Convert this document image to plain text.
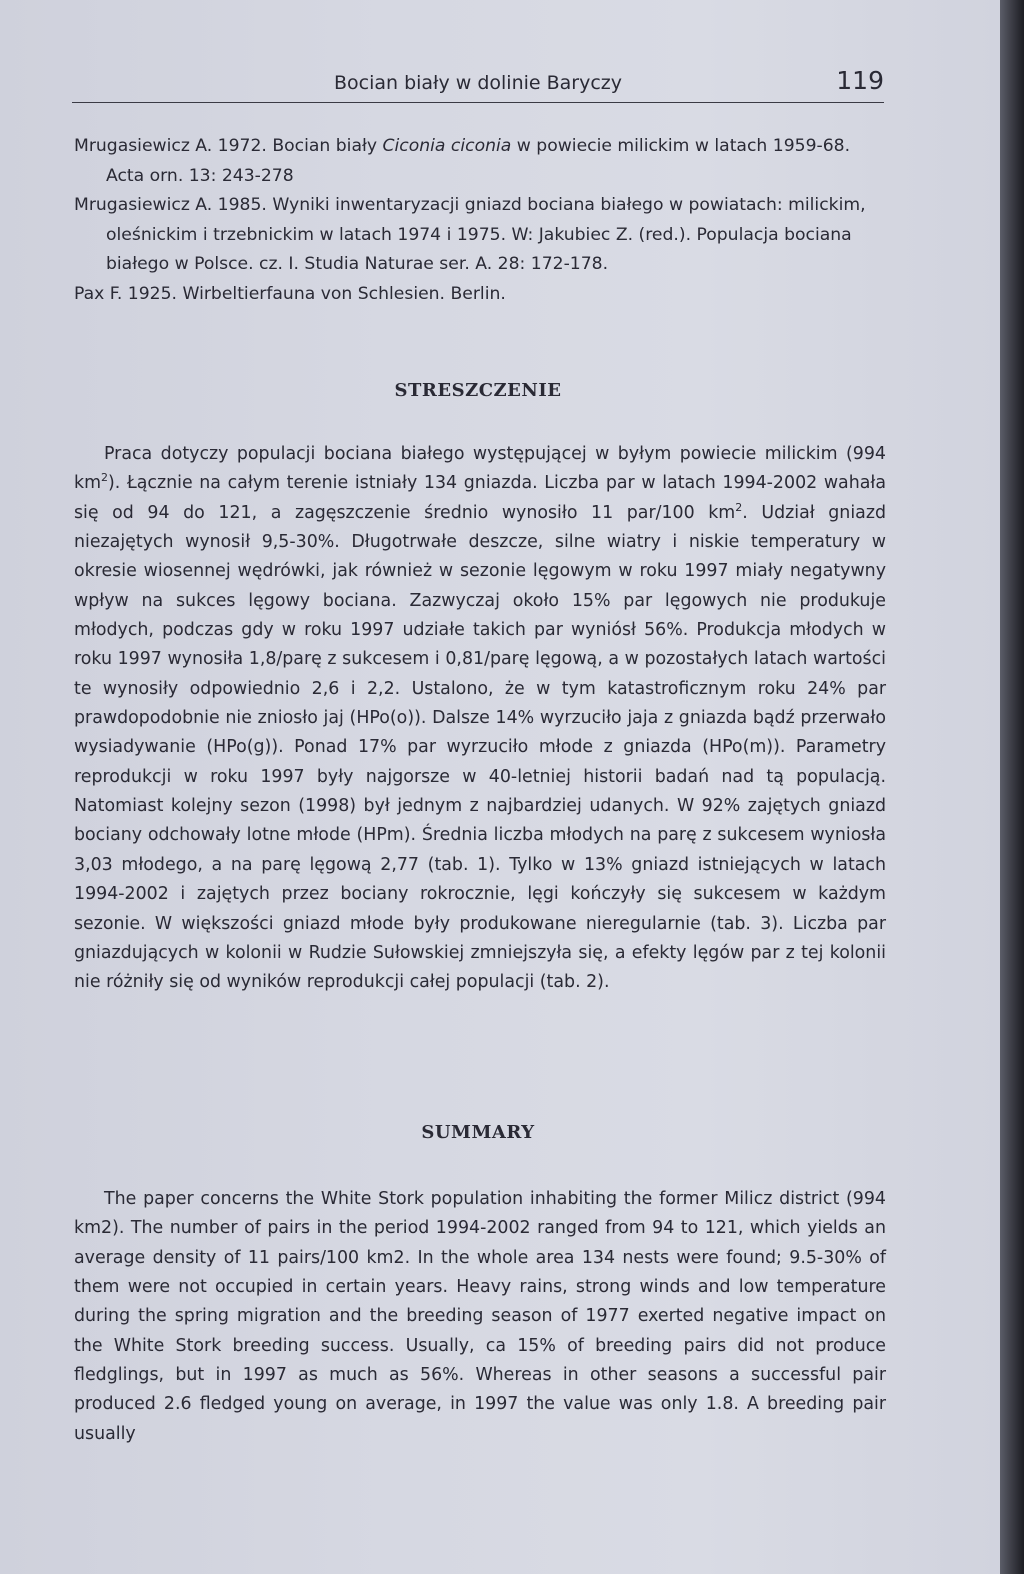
Bocian biały w dolinie Baryczy	119

Mrugasiewicz A. 1972. Bocian biały Ciconia ciconia w powiecie milickim w latach 1959-68. Acta orn. 13: 243-278

Mrugasiewicz A. 1985. Wyniki inwentaryzacji gniazd bociana białego w powiatach: milickim, oleśnickim i trzebnickim w latach 1974 i 1975. W: Jakubiec Z. (red.). Populacja bociana białego w Polsce. cz. I. Studia Naturae ser. A. 28: 172-178.

Pax F. 1925. Wirbeltierfauna von Schlesien. Berlin.

STRESZCZENIE

Praca dotyczy populacji bociana białego występującej w byłym powiecie milickim (994 $km^2$). Łącznie na całym terenie istniały 134 gniazda. Liczba par w latach 1994-2002 wahała się od 94 do 121, a zagęszczenie średnio wynosiło 11 par/100 $km^2$. Udział gniazd niezajętych wynosił 9,5-30%. Długotrwałe deszcze, silne wiatry i niskie temperatury w okresie wiosennej wędrówki, jak również w sezonie lęgowym w roku 1997 miały negatywny wpływ na sukces lęgowy bociana. Zazwyczaj około 15% par lęgowych nie produkuje młodych, podczas gdy w roku 1997 udziałe takich par wyniósł 56%. Produkcja młodych w roku 1997 wynosiła 1,8/parę z sukcesem i 0,81/parę lęgową, a w pozostałych latach wartości te wynosiły odpowiednio 2,6 i 2,2. Ustalono, że w tym katastroficznym roku 24% par prawdopodobnie nie zniosło jaj (HPo(o)). Dalsze 14% wyrzuciło jaja z gniazda bądź przerwało wysiadywanie (HPo(g)). Ponad 17% par wyrzuciło młode z gniazda (HPo(m)). Parametry reprodukcji w roku 1997 były najgorsze w 40-letniej historii badań nad tą populacją. Natomiast kolejny sezon (1998) był jednym z najbardziej udanych. W 92% zajętych gniazd bociany odchowały lotne młode (HPm). Średnia liczba młodych na parę z sukcesem wyniosła 3,03 młodego, a na parę lęgową 2,77 (tab. 1). Tylko w 13% gniazd istniejących w latach 1994-2002 i zajętych przez bociany rokrocznie, lęgi kończyły się sukcesem w każdym sezonie. W większości gniazd młode były produkowane nieregularnie (tab. 3). Liczba par gniazdujących w kolonii w Rudzie Sułowskiej zmniejszyła się, a efekty lęgów par z tej kolonii nie różniły się od wyników reprodukcji całej populacji (tab. 2).

SUMMARY

The paper concerns the White Stork population inhabiting the former Milicz district (994 km2). The number of pairs in the period 1994-2002 ranged from 94 to 121, which yields an average density of 11 pairs/100 km2. In the whole area 134 nests were found; 9.5-30% of them were not occupied in certain years. Heavy rains, strong winds and low temperature during the spring migration and the breeding season of 1977 exerted negative impact on the White Stork breeding success. Usually, ca 15% of breeding pairs did not produce fledglings, but in 1997 as much as 56%. Whereas in other seasons a successful pair produced 2.6 fledged young on average, in 1997 the value was only 1.8. A breeding pair usually
